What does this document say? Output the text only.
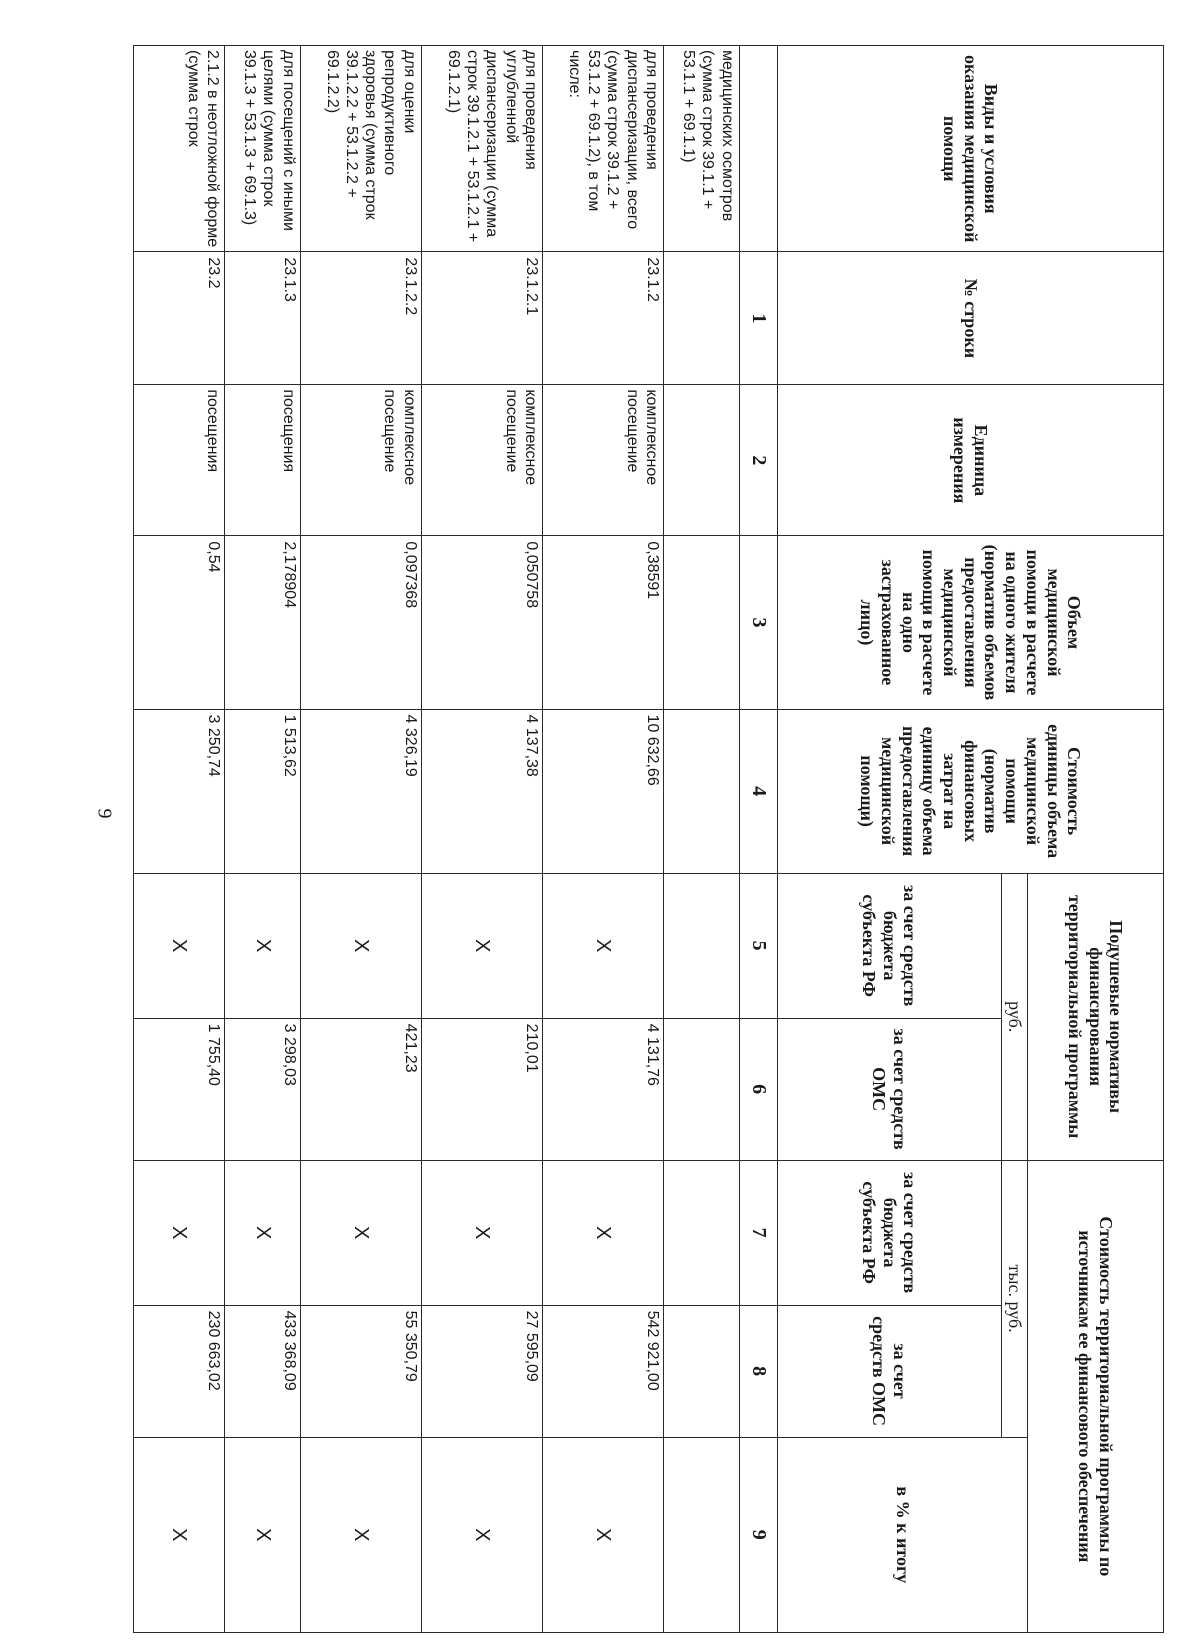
9
Виды и условия оказания медицинской помощи	№ строки	Единица измерения	Объем медицинской помощи в расчете на одного жителя (норматив объемов предоставления медицинской помощи в расчете на одно застрахованное лицо)	Стоимость единицы объема медицинской помощи (норматив финансовых затрат на единицу объема предоставления медицинской помощи)	Подушевые нормативы финансирования территориальной программы		Стоимость территориальной программы по источникам ее финансового обеспечения		
					руб.		тыс. руб.		в % к итогу
					за счет средств бюджета субъекта РФ	за счет средств ОМС	за счет средств бюджета субъекта РФ	за счет средств ОМС	
	1	2	3	4	5	6	7	8	9
медицинских осмотров (сумма строк 39.1.1 + 53.1.1 + 69.1.1)									
для проведения диспансеризации, всего (сумма строк 39.1.2 + 53.1.2 + 69.1.2), в том числе:	23.1.2	комплексное посещение	0,38591	10 632,66	X	4 131,76	X	542 921,00	X
для проведения углубленной диспансеризации (сумма строк 39.1.2.1 + 53.1.2.1 + 69.1.2.1)	23.1.2.1	комплексное посещение	0,050758	4 137,38	X	210,01	X	27 595,09	X
для оценки репродуктивного здоровья (сумма строк 39.1.2.2 + 53.1.2.2 + 69.1.2.2)	23.1.2.2	комплексное посещение	0,097368	4 326,19	X	421,23	X	55 350,79	X
для посещений с иными целями (сумма строк 39.1.3 + 53.1.3 + 69.1.3)	23.1.3	посещения	2,178904	1 513,62	X	3 298,03	X	433 368,09	X
2.1.2 в неотложной форме (сумма строк	23.2	посещения	0,54	3 250,74	X	1 755,40	X	230 663,02	X
